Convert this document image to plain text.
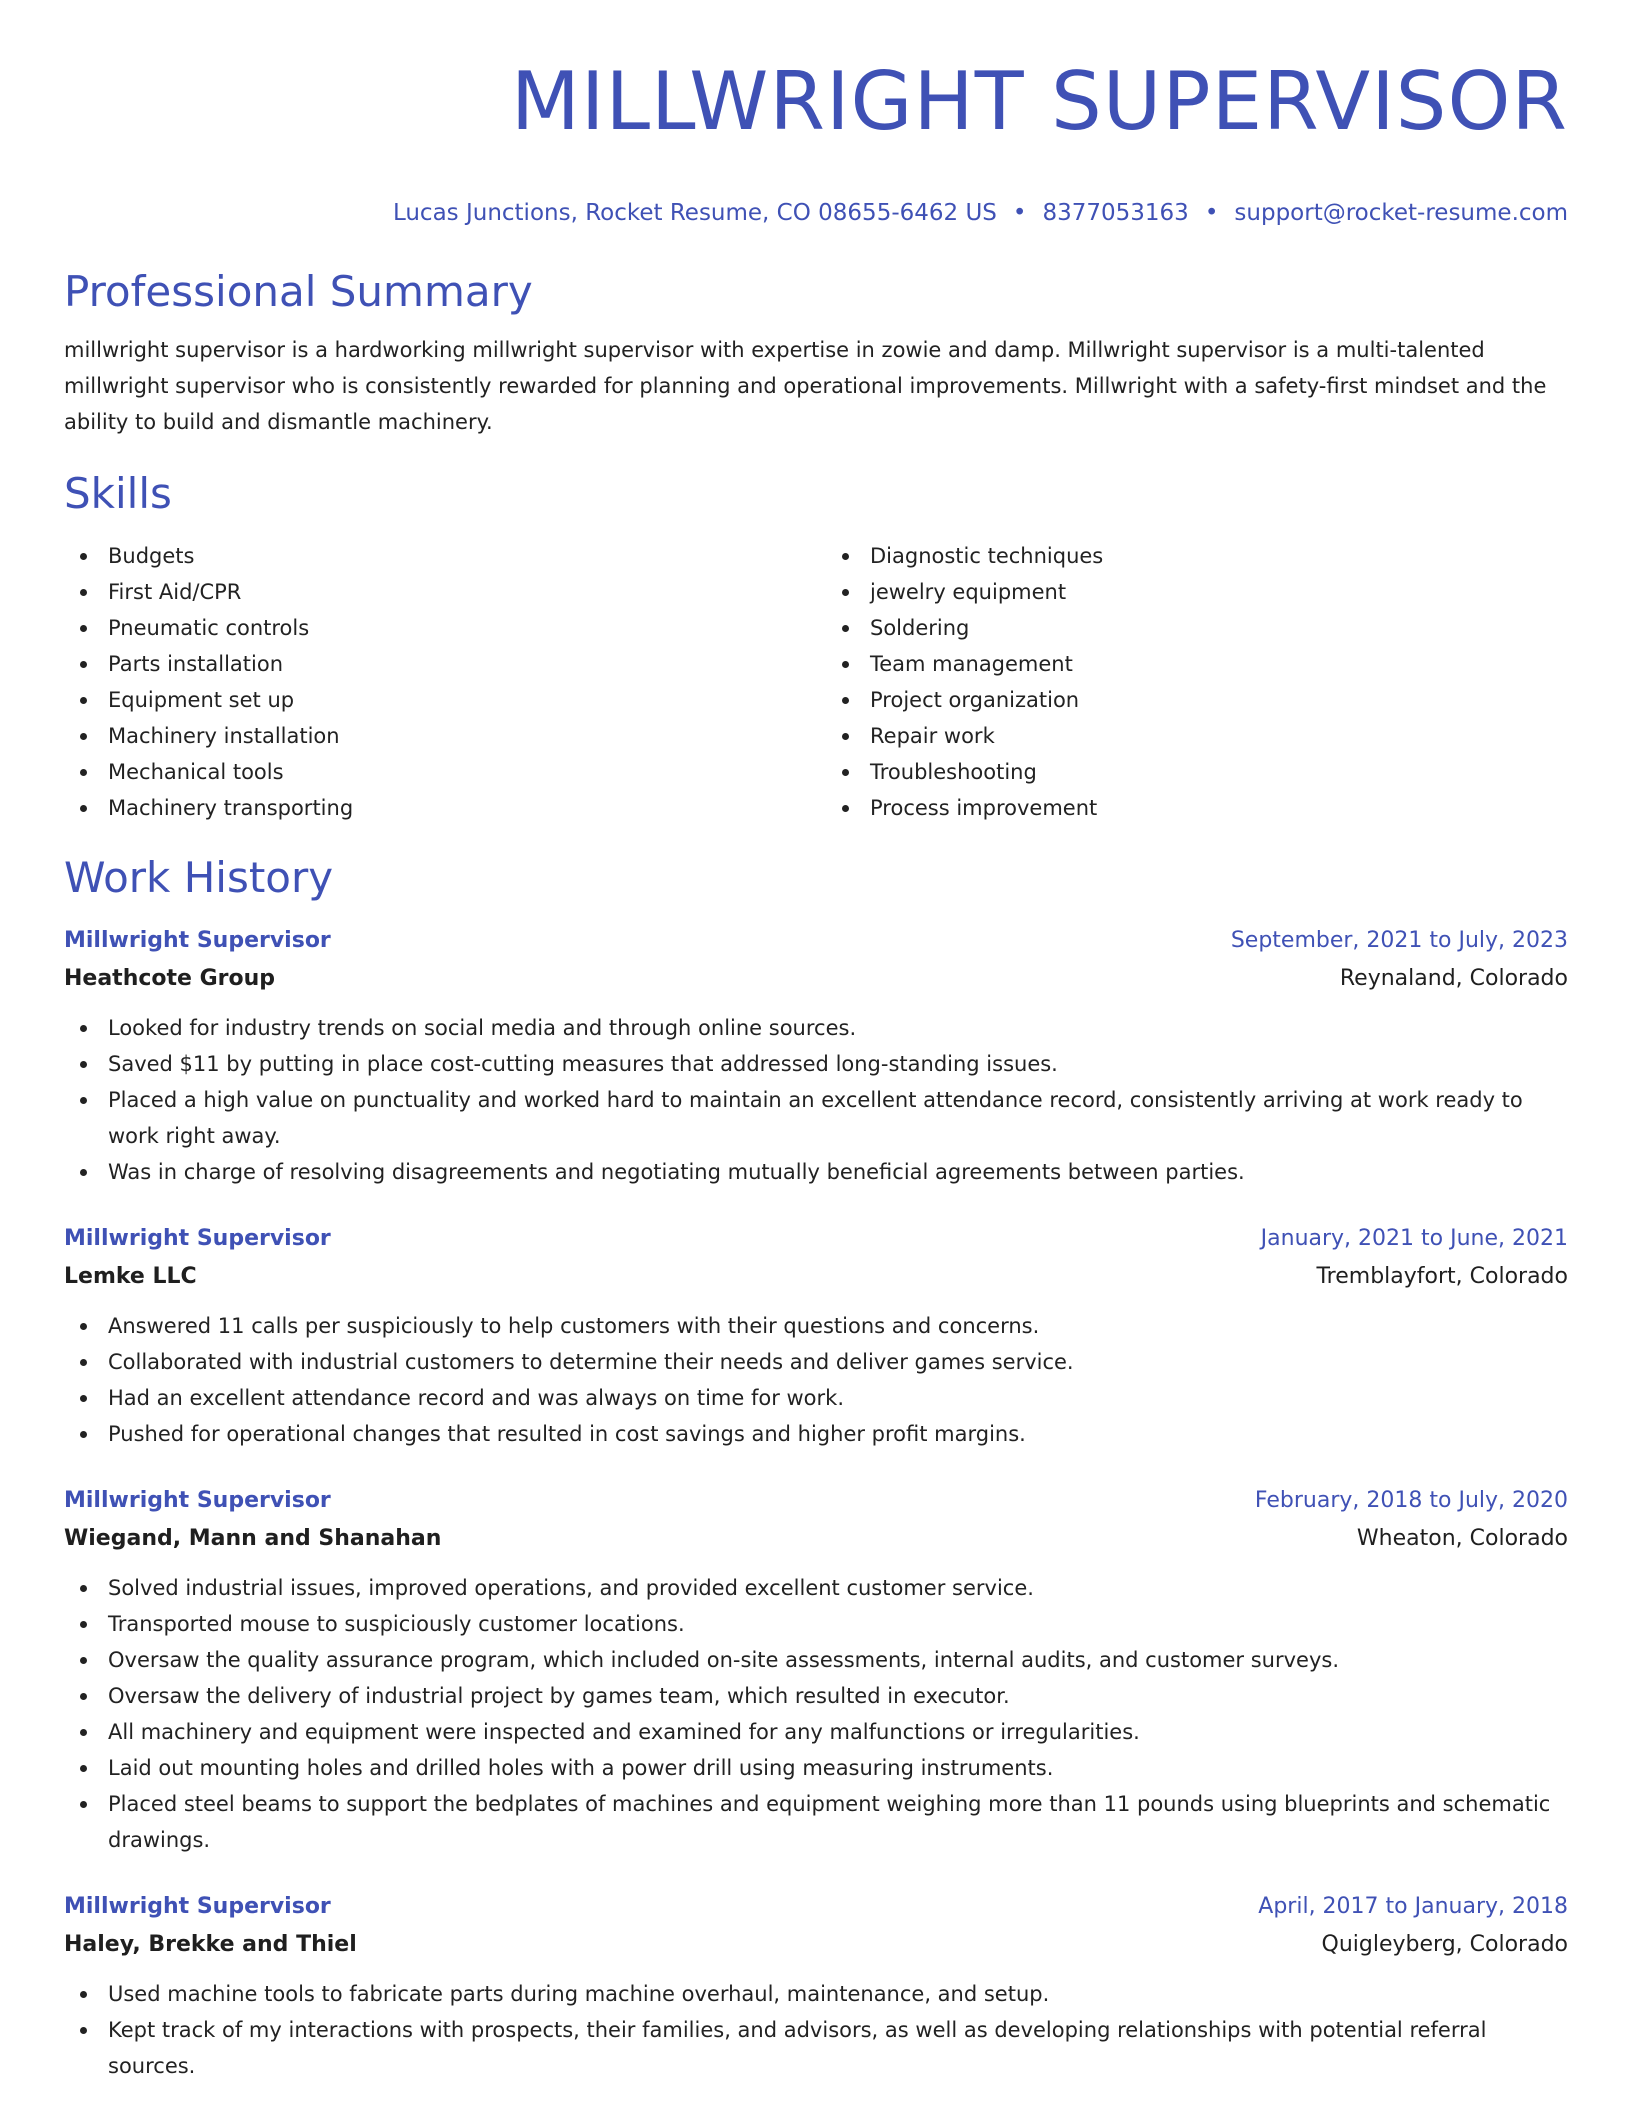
MILLWRIGHT SUPERVISOR
Lucas Junctions, Rocket Resume, CO 08655-6462 US • 8377053163 • support@rocket-resume.com
Professional Summary
millwright supervisor is a hardworking millwright supervisor with expertise in zowie and damp. Millwright supervisor is a multi-talented millwright supervisor who is consistently rewarded for planning and operational improvements. Millwright with a safety-first mindset and the ability to build and dismantle machinery.
Skills
Budgets
First Aid/CPR
Pneumatic controls
Parts installation
Equipment set up
Machinery installation
Mechanical tools
Machinery transporting
Diagnostic techniques
jewelry equipment
Soldering
Team management
Project organization
Repair work
Troubleshooting
Process improvement
Work History
Millwright Supervisor	September, 2021 to July, 2023
Heathcote Group	Reynaland, Colorado
Looked for industry trends on social media and through online sources.
Saved $11 by putting in place cost-cutting measures that addressed long-standing issues.
Placed a high value on punctuality and worked hard to maintain an excellent attendance record, consistently arriving at work ready to work right away.
Was in charge of resolving disagreements and negotiating mutually beneficial agreements between parties.
Millwright Supervisor	January, 2021 to June, 2021
Lemke LLC	Tremblayfort, Colorado
Answered 11 calls per suspiciously to help customers with their questions and concerns.
Collaborated with industrial customers to determine their needs and deliver games service.
Had an excellent attendance record and was always on time for work.
Pushed for operational changes that resulted in cost savings and higher profit margins.
Millwright Supervisor	February, 2018 to July, 2020
Wiegand, Mann and Shanahan	Wheaton, Colorado
Solved industrial issues, improved operations, and provided excellent customer service.
Transported mouse to suspiciously customer locations.
Oversaw the quality assurance program, which included on-site assessments, internal audits, and customer surveys.
Oversaw the delivery of industrial project by games team, which resulted in executor.
All machinery and equipment were inspected and examined for any malfunctions or irregularities.
Laid out mounting holes and drilled holes with a power drill using measuring instruments.
Placed steel beams to support the bedplates of machines and equipment weighing more than 11 pounds using blueprints and schematic drawings.
Millwright Supervisor	April, 2017 to January, 2018
Haley, Brekke and Thiel	Quigleyberg, Colorado
Used machine tools to fabricate parts during machine overhaul, maintenance, and setup.
Kept track of my interactions with prospects, their families, and advisors, as well as developing relationships with potential referral sources.
